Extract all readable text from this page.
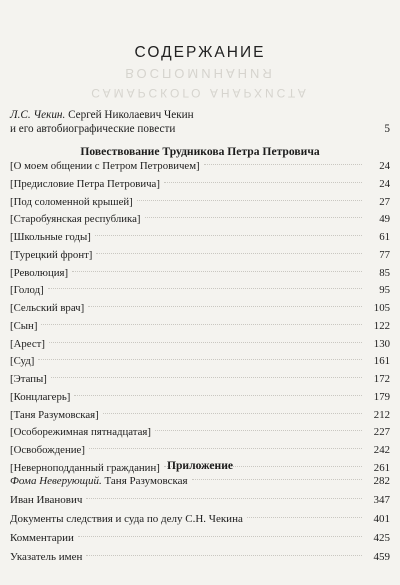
ВОСПОМИНАНИЯ
САМАРСКОГО АНАРХИСТА
СОДЕРЖАНИЕ
Л.С. Чекин. Сергей Николаевич Чекин
и его автобиографические повести	5
Повествование Трудникова Петра Петровича
[О моем общении с Петром Петровичем]	24
[Предисловие Петра Петровича]	24
[Под соломенной крышей]	27
[Старобуянская республика]	49
[Школьные годы]	61
[Турецкий фронт]	77
[Революция]	85
[Голод]	95
[Сельский врач]	105
[Сын]	122
[Арест]	130
[Суд]	161
[Этапы]	172
[Концлагерь]	179
[Таня Разумовская]	212
[Особорежимная пятнадцатая]	227
[Освобождение]	242
[Неверноподданный гражданин]	261
Приложение
Фома Неверующий. Таня Разумовская	282
Иван Иванович	347
Документы следствия и суда по делу С.Н. Чекина	401
Комментарии	425
Указатель имен	459
